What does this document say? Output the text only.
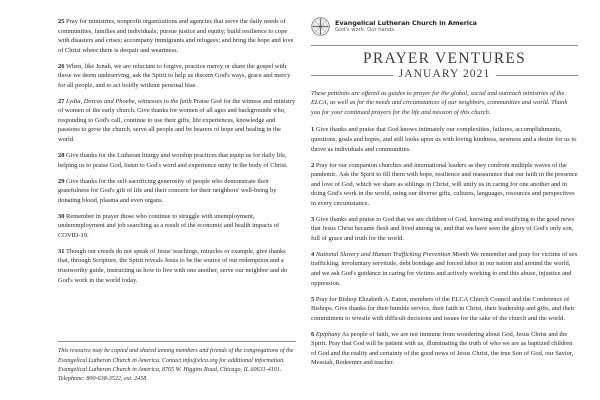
25 Pray for ministries, nonprofit organizations and agencies that serve the daily needs of communities, families and individuals; pursue justice and equity; build resilience to cope with disasters and crises; accompany immigrants and refugees; and bring the hope and love of Christ where there is despair and weariness.

26 When, like Jonah, we are reluctant to forgive, practice mercy or share the gospel with those we deem undeserving, ask the Spirit to help us discern God's ways, grace and mercy for all people, and to act boldly without personal bias.

27 Lydia, Dorcas and Phoebe, witnesses to the faith Praise God for the witness and ministry of women of the early church. Give thanks for women of all ages and backgrounds who, responding to God's call, continue to use their gifts, life experiences, knowledge and passions to grow the church, serve all people and be bearers of hope and healing in the world.

28 Give thanks for the Lutheran liturgy and worship practices that equip us for daily life, helping us to praise God, listen to God's word and experience unity in the body of Christ.

29 Give thanks for the self-sacrificing generosity of people who demonstrate their gratefulness for God's gift of life and their concern for their neighbors' well-being by donating blood, plasma and even organs.

30 Remember in prayer those who continue to struggle with unemployment, underemployment and job searching as a result of the economic and health impacts of COVID-19.

31 Though our creeds do not speak of Jesus' teachings, miracles or example, give thanks that, through Scripture, the Spirit reveals Jesus to be the source of our redemption and a trustworthy guide, instructing us how to live with one another, serve our neighbor and do God's work in the world today.

This resource may be copied and shared among members and friends of the congregations of the Evangelical Lutheran Church in America. Contact info@elca.org for additional information. Evangelical Lutheran Church in America, 8765 W. Higgins Road, Chicago, IL 60631-4101. Telephone: 800-638-3522, ext. 2458.
Evangelical Lutheran Church in America
God's work. Our hands.
PRAYER VENTURES
JANUARY 2021
These petitions are offered as guides to prayer for the global, social and outreach ministries of the ELCA, as well as for the needs and circumstances of our neighbors, communities and world. Thank you for your continued prayers for the life and mission of this church.

1 Give thanks and praise that God knows intimately our complexities, failures, accomplishments, questions, goals and hopes, and still looks upon us with loving kindness, newness and a desire for us to thrive as individuals and communities.

2 Pray for our companion churches and international leaders as they confront multiple waves of the pandemic. Ask the Spirit to fill them with hope, resilience and reassurance that our faith in the presence and love of God, which we share as siblings in Christ, will unify us in caring for one another and in doing God's work in the world, using our diverse gifts, cultures, languages, resources and perspectives in every circumstance.

3 Give thanks and praise to God that we are children of God, knowing and testifying to the good news that Jesus Christ became flesh and lived among us, and that we have seen the glory of God's only son, full of grace and truth for the world.

4 National Slavery and Human Trafficking Prevention Month We remember and pray for victims of sex trafficking, involuntary servitude, debt bondage and forced labor in our nation and around the world, and we ask God's guidance in caring for victims and actively working to end this abuse, injustice and oppression.

5 Pray for Bishop Elizabeth A. Eaton, members of the ELCA Church Council and the Conference of Bishops. Give thanks for their humble service, their faith in Christ, their leadership and gifts, and their commitment to wrestle with difficult decisions and issues for the sake of the church and the world.

6 Epiphany As people of faith, we are not immune from wondering about God, Jesus Christ and the Spirit. Pray that God will be patient with us, illuminating the truth of who we are as baptized children of God and the reality and certainty of the good news of Jesus Christ, the true Son of God, our Savior, Messiah, Redeemer and teacher.
